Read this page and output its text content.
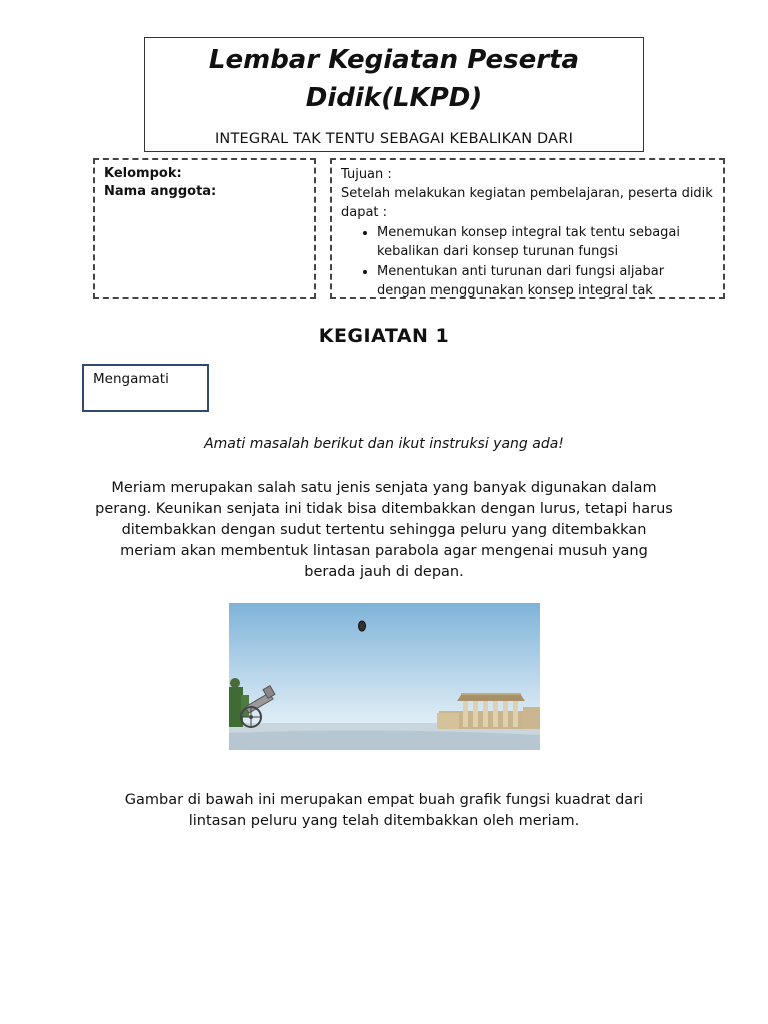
Lembar Kegiatan Peserta Didik(LKPD)
INTEGRAL TAK TENTU SEBAGAI KEBALIKAN DARI
Kelompok:
Nama anggota:
Tujuan :
Setelah melakukan kegiatan pembelajaran, peserta didik dapat :
• Menemukan konsep integral tak tentu sebagai kebalikan dari konsep turunan fungsi
• Menentukan anti turunan dari fungsi aljabar dengan menggunakan konsep integral tak
KEGIATAN 1
Mengamati
Amati masalah berikut dan ikut instruksi yang ada!
Meriam merupakan salah satu jenis senjata yang banyak digunakan dalam perang. Keunikan senjata ini tidak bisa ditembakkan dengan lurus, tetapi harus ditembakkan dengan sudut tertentu sehingga peluru yang ditembakkan meriam akan membentuk lintasan parabola agar mengenai musuh yang berada jauh di depan.
Gambar di bawah ini merupakan empat buah grafik fungsi kuadrat dari lintasan peluru yang telah ditembakkan oleh meriam.
